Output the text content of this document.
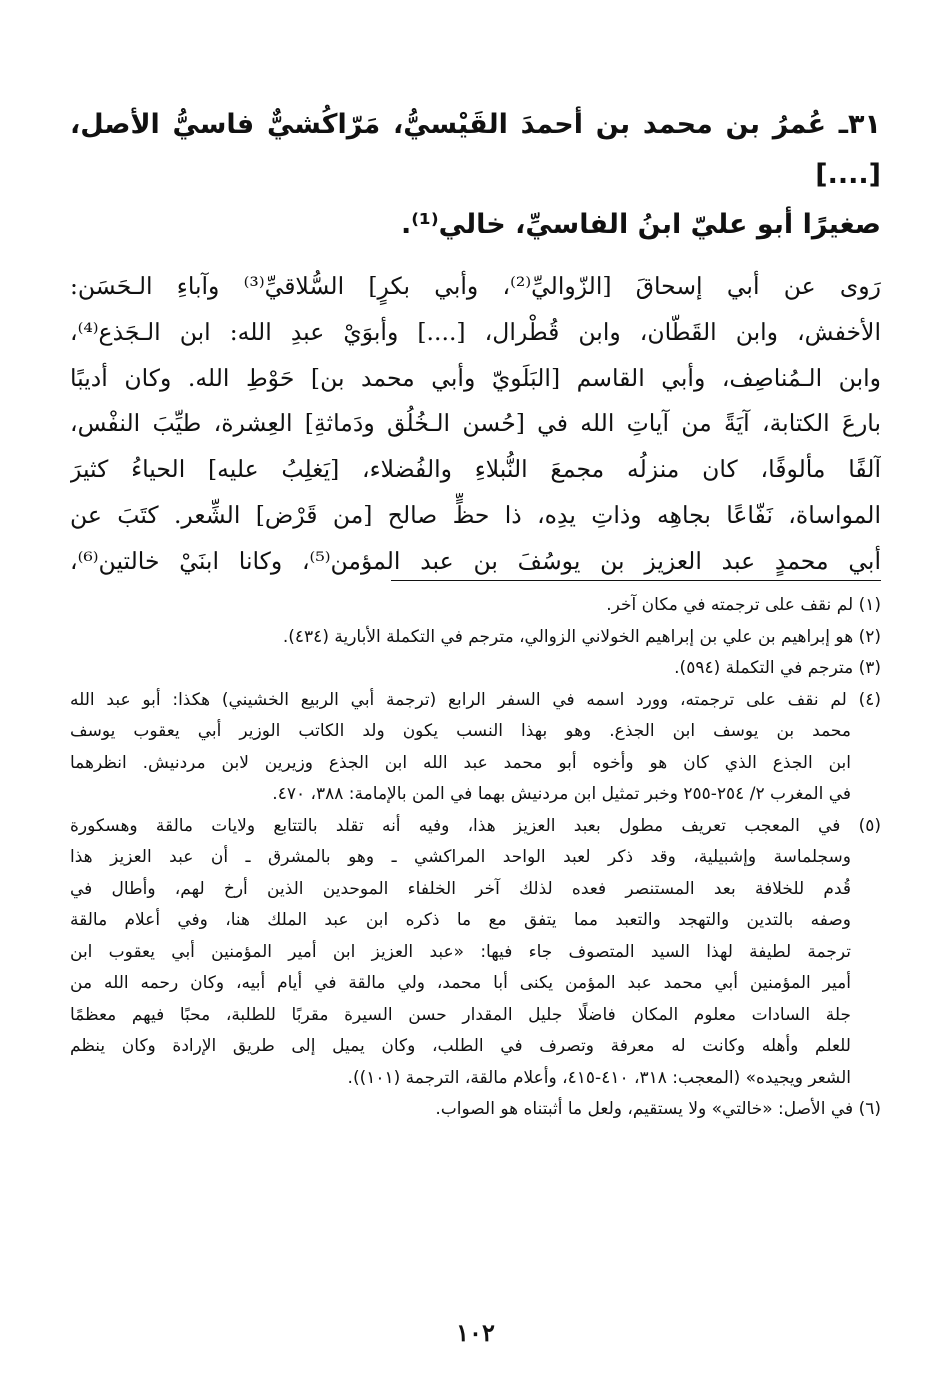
٣١ـ عُمرُ بن محمد بن أحمدَ القَيْسيُّ، مَرّاكُشيٌّ فاسيُّ الأصل، [....]
صغيرًا أبو عليّ ابنُ الفاسيِّ، خالي⁽¹⁾.
رَوى عن أبي إسحاقَ [الزّواليِّ⁽²⁾، وأبي بكرٍ] السُّلاقيِّ⁽³⁾ وآباءِ الـحَسَن:
الأخفش، وابن القَطّان، وابن قُطْرال، [....] وأبوَيْ عبدِ الله: ابن الـجَذع⁽⁴⁾،
وابن الـمُناصِف، وأبي القاسم [البَلَويّ وأبي محمد بن] حَوْطِ الله. وكان أديبًا
بارعَ الكتابة، آيَةً من آياتِ الله في [حُسن الـخُلُق ودَماثةِ] العِشرة، طيِّبَ النفْس،
آلفًا مألوفًا، كان منزلُه مجمعَ النُّبلاءِ والفُضلاء، [يَغلِبُ عليه] الحياءُ كثيرَ
المواساة، نَفّاعًا بجاهِه وذاتِ يدِه، ذا حظٍّ صالح [من قَرْض] الشِّعر. كتَبَ عن
أبي محمدٍ عبد العزيز بن يوسُفَ بن عبد المؤمن⁽⁵⁾، وكانا ابنَيْ خالتين⁽⁶⁾،
(١) لم نقف على ترجمته في مكان آخر.
(٢) هو إبراهيم بن علي بن إبراهيم الخولاني الزوالي، مترجم في التكملة الأبارية (٤٣٤).
(٣) مترجم في التكملة (٥٩٤).
(٤) لم نقف على ترجمته، وورد اسمه في السفر الرابع (ترجمة أبي الربيع الخشيني) هكذا: أبو عبد الله
محمد بن يوسف ابن الجذع. وهو بهذا النسب يكون ولد الكاتب الوزير أبي يعقوب يوسف
ابن الجذع الذي كان هو وأخوه أبو محمد عبد الله ابن الجذع وزيرين لابن مردنيش. انظرهما
في المغرب ٢/ ٢٥٤-٢٥٥ وخبر تمثيل ابن مردنيش بهما في المن بالإمامة: ٣٨٨، ٤٧٠.
(٥) في المعجب تعريف مطول بعبد العزيز هذا، وفيه أنه تقلد بالتتابع ولايات مالقة وهسكورة
وسجلماسة وإشبيلية، وقد ذكر لعبد الواحد المراكشي ـ وهو بالمشرق ـ أن عبد العزيز هذا
قُدم للخلافة بعد المستنصر فعده لذلك آخر الخلفاء الموحدين الذين أرخ لهم، وأطال في
وصفه بالتدين والتهجد والتعبد مما يتفق مع ما ذكره ابن عبد الملك هنا، وفي أعلام مالقة
ترجمة لطيفة لهذا السيد المتصوف جاء فيها: «عبد العزيز ابن أمير المؤمنين أبي يعقوب ابن
أمير المؤمنين أبي محمد عبد المؤمن يكنى أبا محمد، ولي مالقة في أيام أبيه، وكان رحمه الله من
جلة السادات معلوم المكان فاضلًا جليل المقدار حسن السيرة مقربًا للطلبة، محبًا فيهم معظمًا
للعلم وأهله وكانت له معرفة وتصرف في الطلب، وكان يميل إلى طريق الإرادة وكان ينظم
الشعر ويجيده» (المعجب: ٣١٨، ٤١٠-٤١٥، وأعلام مالقة، الترجمة (١٠١)).
(٦) في الأصل: «خالتي» ولا يستقيم، ولعل ما أثبتناه هو الصواب.
١٠٢
